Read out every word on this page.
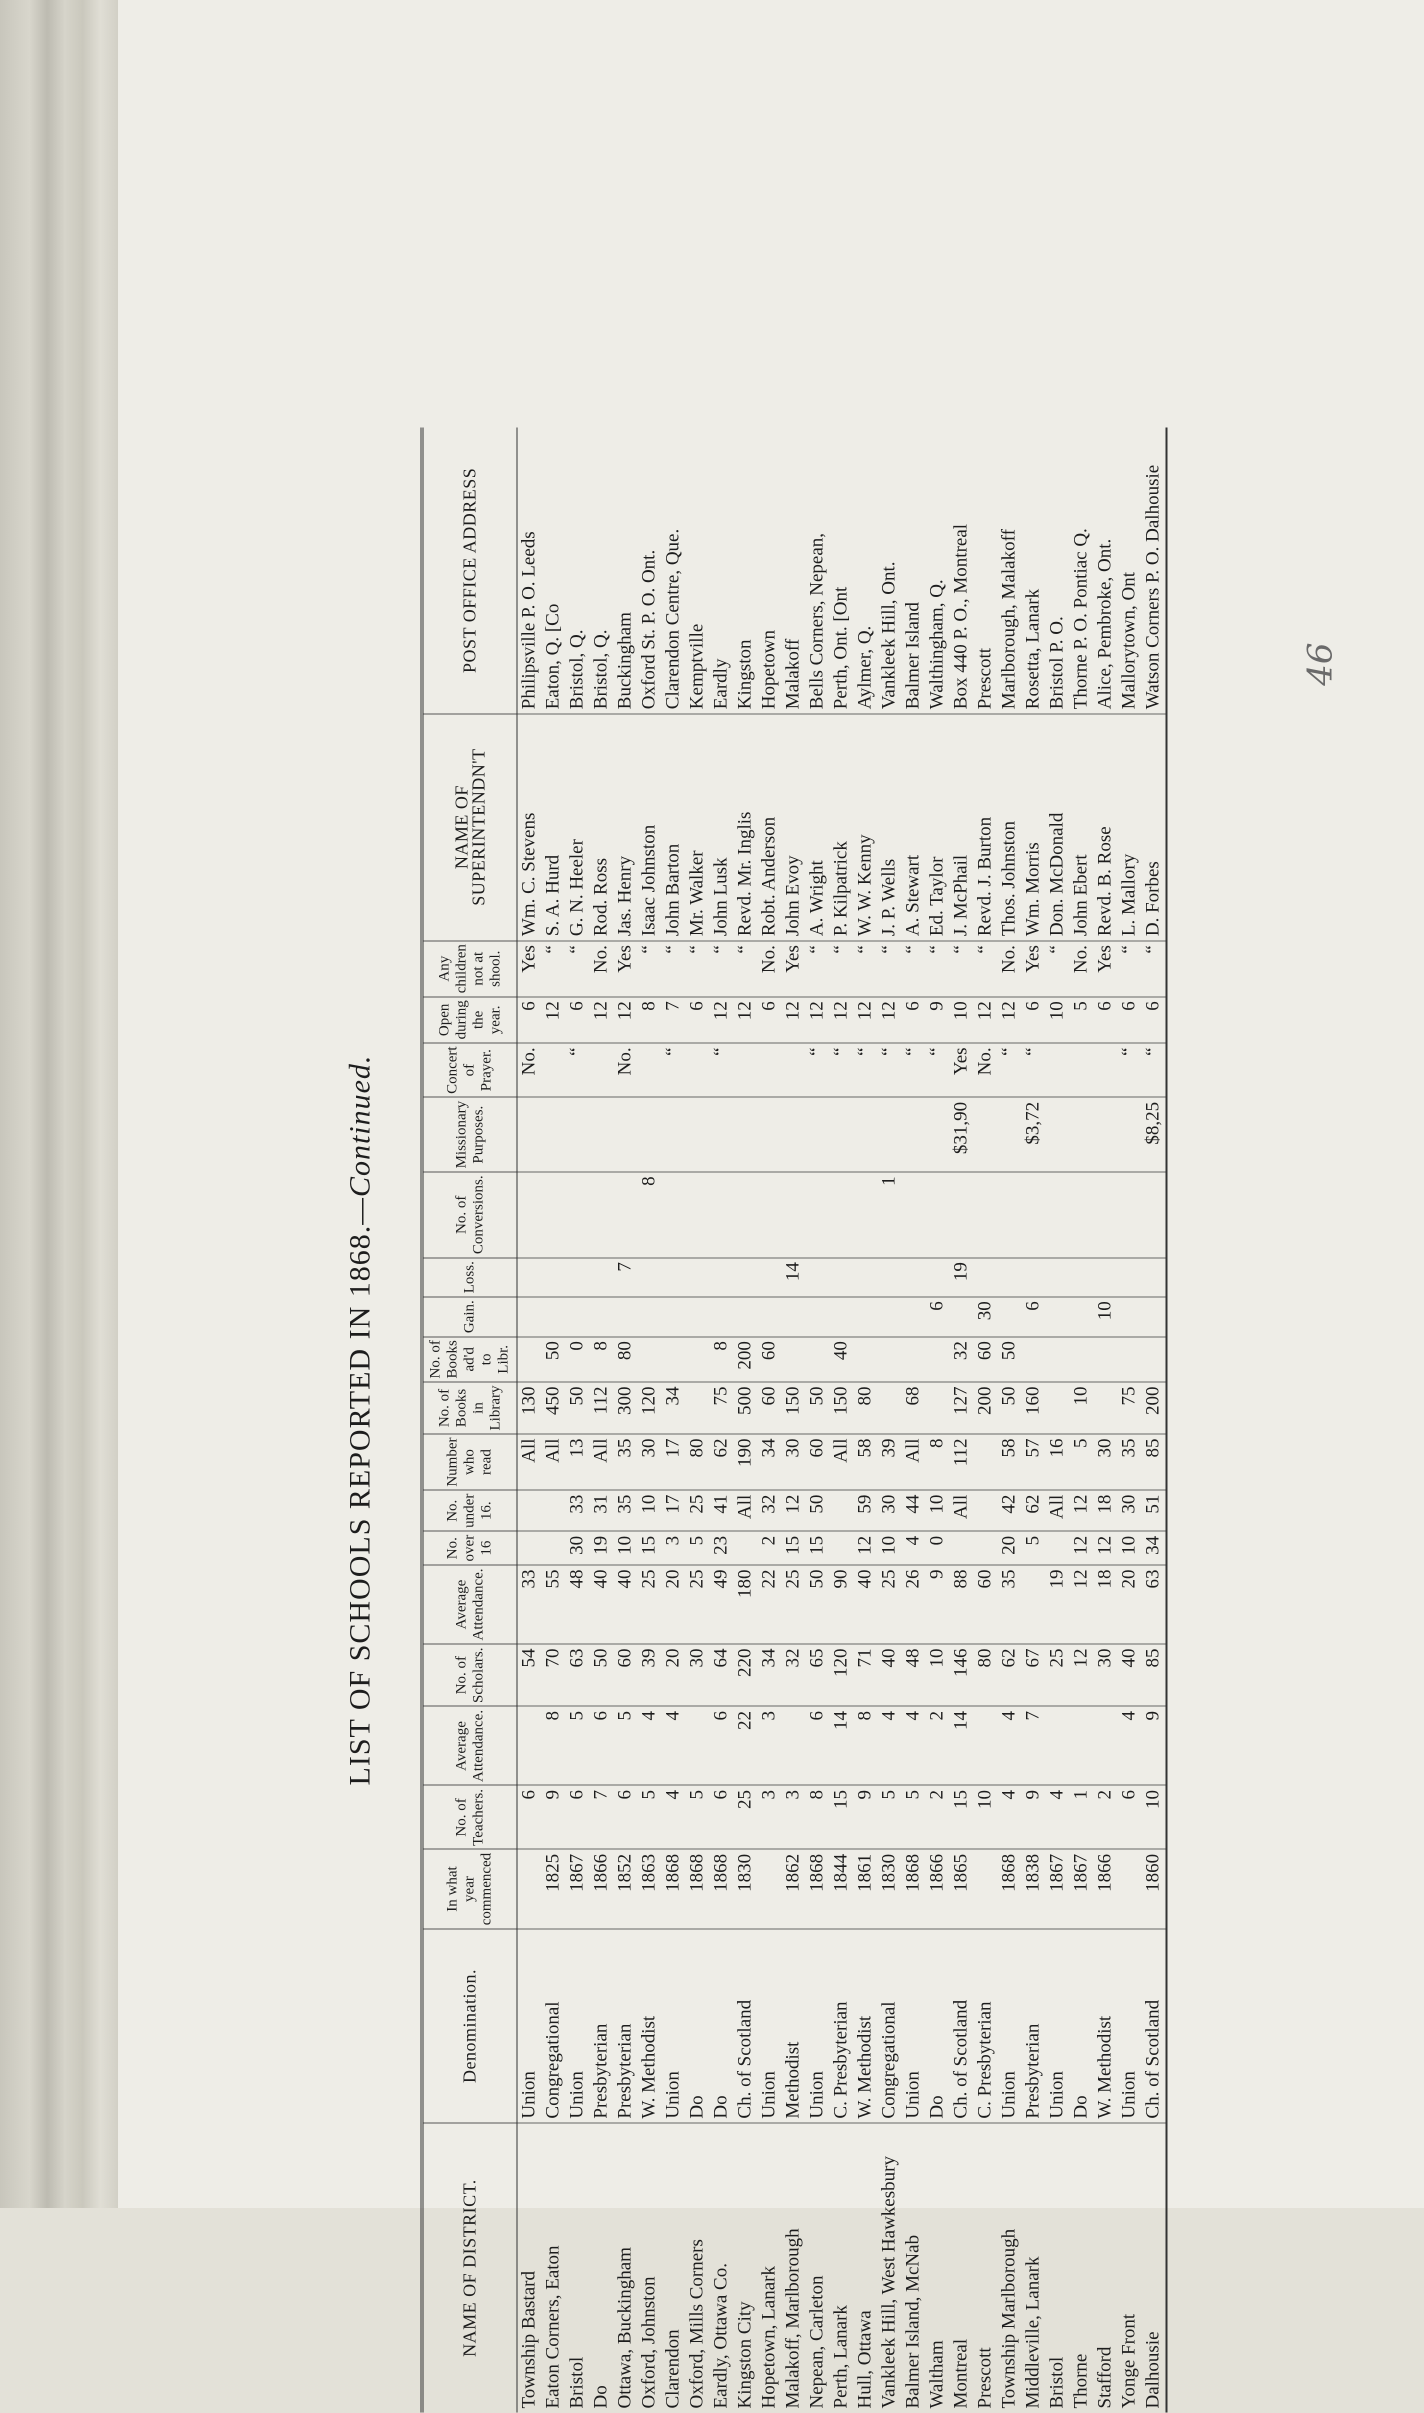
LIST OF SCHOOLS REPORTED IN 1868.—Continued.
NAME OF DISTRICT.	Denomination.	In what year commenced	No. of Teachers.	Average Attendance.	No. of Scholars.	Average Attendance.	No. over 16	No. under 16.	Number who read	No. of Books in Library	No. of Books ad'd to Libr.	Gain.	Loss.	No. of Conversions.	Missionary Purposes.	Concert of Prayer.	Open during the year.	Any children not at shool.	NAME OF SUPERINTENDN'T	POST OFFICE ADDRESS
Township Bastard	Union		6		54	33			All	130						No.	6	Yes	Wm. C. Stevens	Philipsville P. O. Leeds
Eaton Corners, Eaton	Congregational	1825	9	8	70	55			All	450	50						12	“	S. A. Hurd	Eaton, Q. [Co
Bristol	Union	1867	6	5	63	48	30	33	13	50	0					“	6	“	G. N. Heeler	Bristol, Q.
Do	Presbyterian	1866	7	6	50	40	19	31	All	112	8						12	No.	Rod. Ross	Bristol, Q.
Ottawa, Buckingham	Presbyterian	1852	6	5	60	40	10	35	35	300	80		7			No.	12	Yes	Jas. Henry	Buckingham
Oxford, Johnston	W. Methodist	1863	5	4	39	25	15	10	30	120				8			8	“	Isaac Johnston	Oxford St. P. O. Ont.
Clarendon	Union	1868	4	4	20	20	3	17	17	34						“	7	“	John Barton	Clarendon Centre, Que.
Oxford, Mills Corners	Do	1868	5		30	25	5	25	80								6	“	Mr. Walker	Kemptville
Eardly, Ottawa Co.	Do	1868	6	6	64	49	23	41	62	75	8					“	12	“	John Lusk	Eardly
Kingston City	Ch. of Scotland	1830	25	22	220	180		All	190	500	200						12	“	Revd. Mr. Inglis	Kingston
Hopetown, Lanark	Union		3	3	34	22	2	32	34	60	60						6	No.	Robt. Anderson	Hopetown
Malakoff, Marlborough	Methodist	1862	3		32	25	15	12	30	150			14				12	Yes	John Evoy	Malakoff
Nepean, Carleton	Union	1868	8	6	65	50	15	50	60	50						“	12	“	A. Wright	Bells Corners, Nepean,
Perth, Lanark	C. Presbyterian	1844	15	14	120	90			All	150	40					“	12	“	P. Kilpatrick	Perth, Ont. [Ont
Hull, Ottawa	W. Methodist	1861	9	8	71	40	12	59	58	80						“	12	“	W. W. Kenny	Aylmer, Q.
Vankleek Hill, West Hawkesbury	Congregational	1830	5	4	40	25	10	30	39					1		“	12	“	J. P. Wells	Vankleek Hill, Ont.
Balmer Island, McNab	Union	1868	5	4	48	26	4	44	All	68						“	6	“	A. Stewart	Balmer Island
Waltham	Do	1866	2	2	10	9	0	10	8			6				“	9	“	Ed. Taylor	Walthingham, Q.
Montreal	Ch. of Scotland	1865	15	14	146	88		All	112	127	32		19		$31,90	Yes	10	“	J. McPhail	Box 440 P. O., Montreal
Prescott	C. Presbyterian		10		80	60				200	60	30				No.	12	“	Revd. J. Burton	Prescott
Township Marlborough	Union	1868	4	4	62	35	20	42	58	50	50					“	12	No.	Thos. Johnston	Marlborough, Malakoff
Middleville, Lanark	Presbyterian	1838	9	7	67		5	62	57	160		6			$3,72	“	6	Yes	Wm. Morris	Rosetta, Lanark
Bristol	Union	1867	4		25	19		All	16								10	“	Don. McDonald	Bristol P. O.
Thorne	Do	1867	1		12	12	12	12	5	10							5	No.	John Ebert	Thorne P. O. Pontiac Q.
Stafford	W. Methodist	1866	2		30	18	12	18	30			10					6	Yes	Revd. B. Rose	Alice, Pembroke, Ont.
Yonge Front	Union		6	4	40	20	10	30	35	75						“	6	“	L. Mallory	Mallorytown, Ont
Dalhousie	Ch. of Scotland	1860	10	9	85	63	34	51	85	200					$8,25	“	6	“	D. Forbes	Watson Corners P. O. Dalhousie	46
